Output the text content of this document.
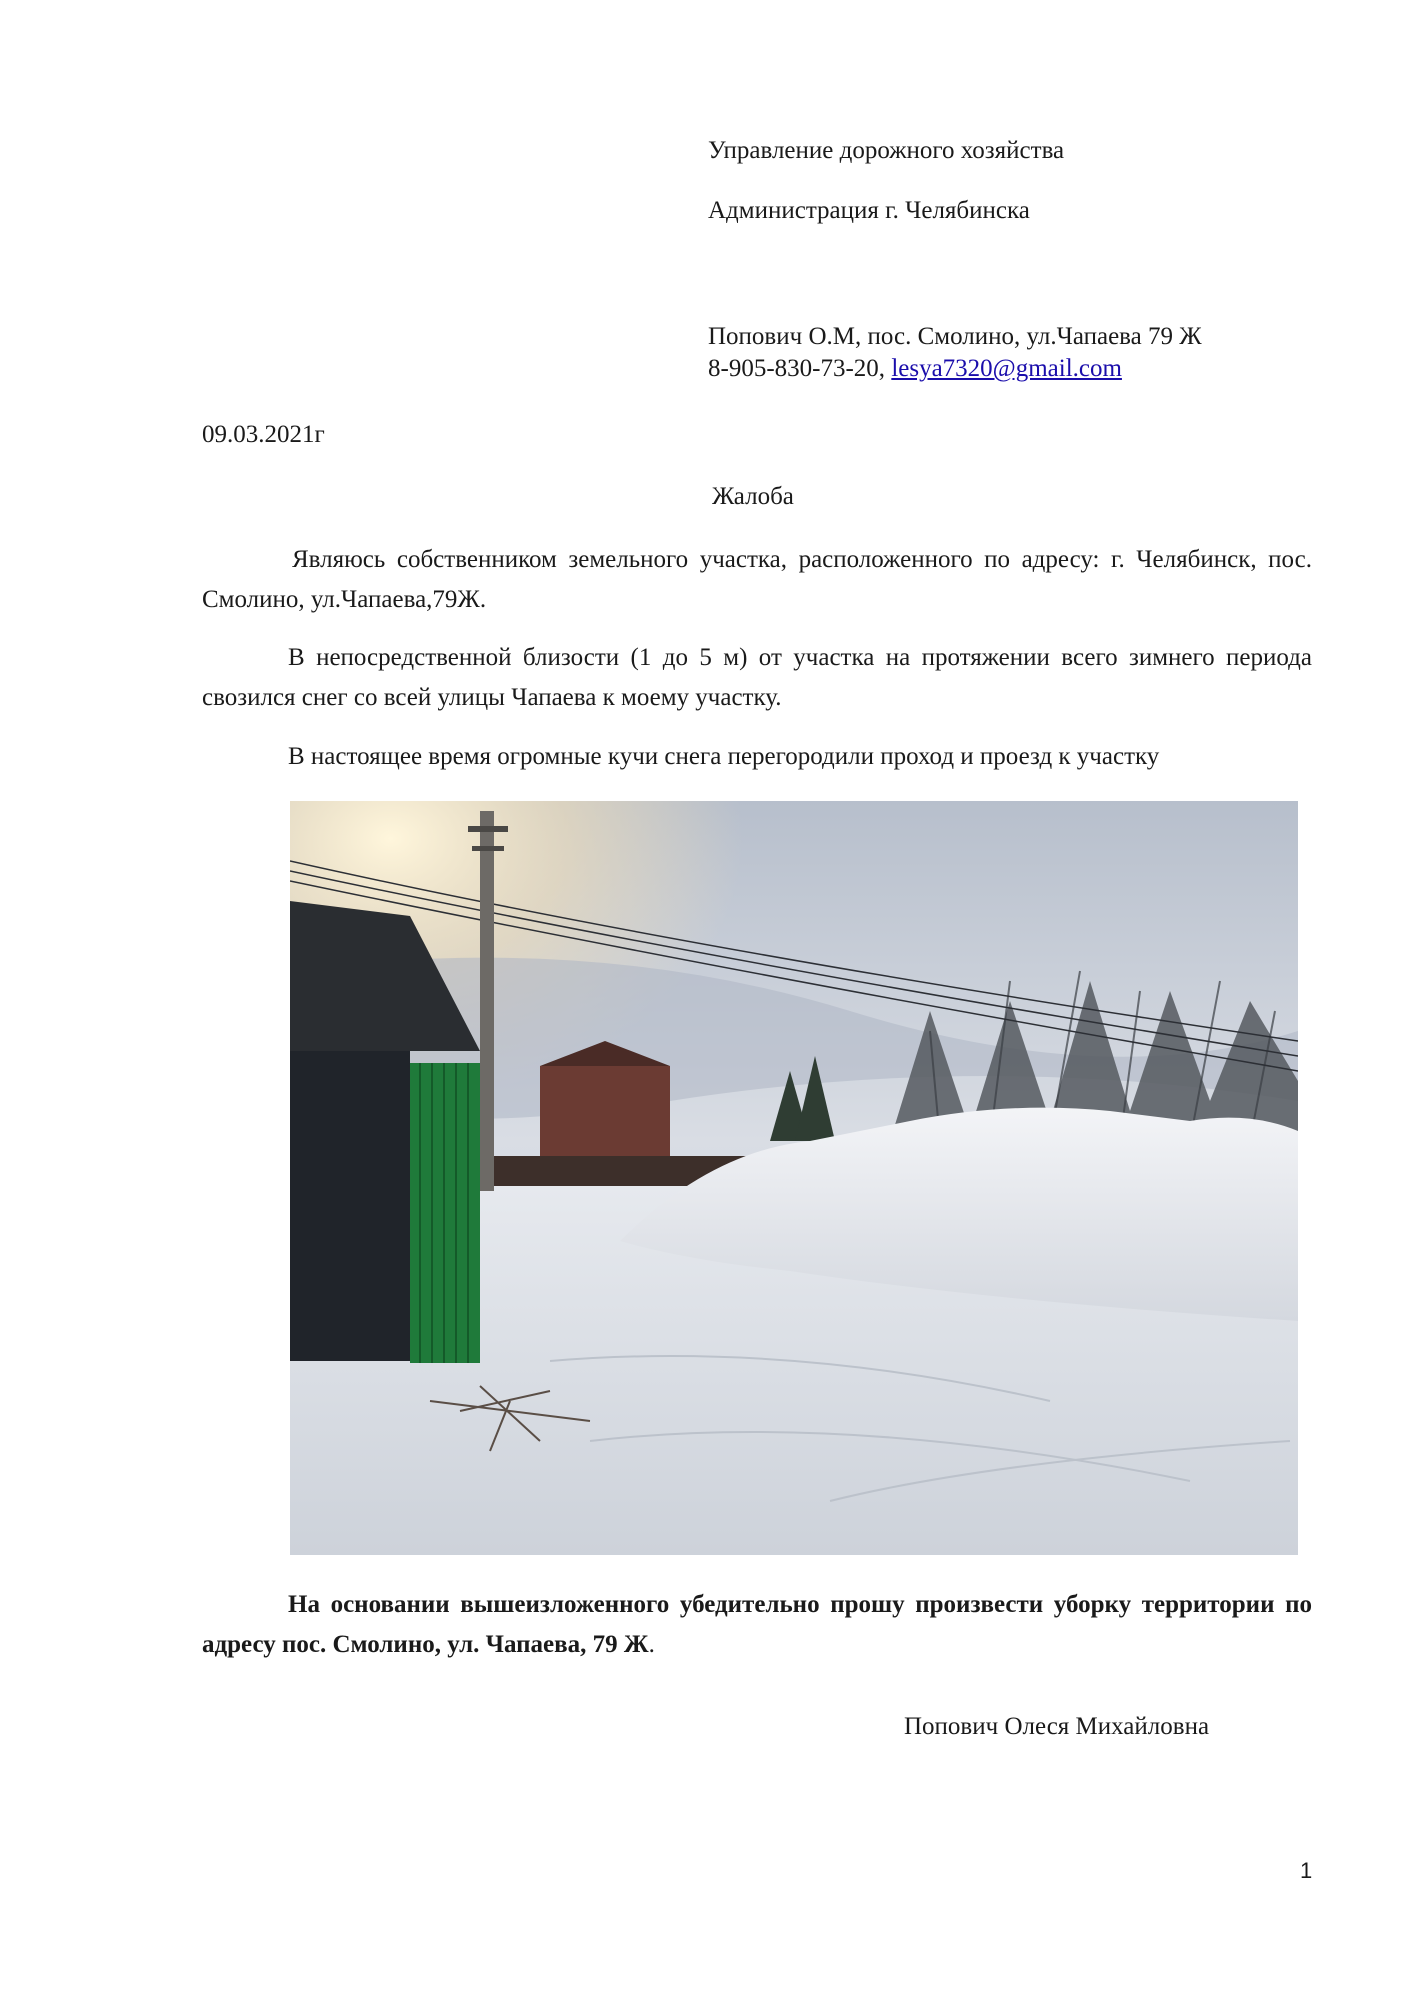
Управление дорожного хозяйства
Администрация г. Челябинска
Попович О.М, пос. Смолино, ул.Чапаева 79 Ж
8-905-830-73-20, lesya7320@gmail.com
09.03.2021г
Жалоба
Являюсь собственником земельного участка, расположенного по адресу: г. Челябинск, пос. Смолино, ул.Чапаева,79Ж.
В непосредственной близости (1 до 5 м) от участка на протяжении всего зимнего периода свозился снег со всей улицы Чапаева к моему участку.
В настоящее время огромные кучи снега перегородили проход и проезд к участку
На основании вышеизложенного убедительно прошу произвести уборку территории по адресу пос. Смолино, ул. Чапаева, 79 Ж.
Попович Олеся Михайловна
1
